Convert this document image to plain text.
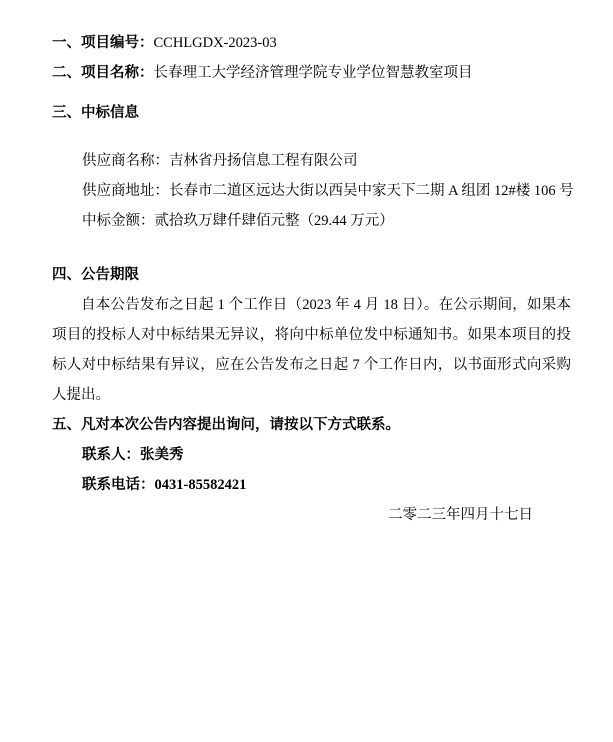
一、项目编号：CCHLGDX-2023-03
二、项目名称：长春理工大学经济管理学院专业学位智慧教室项目
三、中标信息
供应商名称：吉林省丹扬信息工程有限公司
供应商地址：长春市二道区远达大街以西吴中家天下二期 A 组团 12#楼 106 号
中标金额：贰拾玖万肆仟肆佰元整（29.44 万元）
四、公告期限
自本公告发布之日起 1 个工作日（2023 年 4 月 18 日）。在公示期间，如果本项目的投标人对中标结果无异议，将向中标单位发中标通知书。如果本项目的投标人对中标结果有异议，应在公告发布之日起 7 个工作日内，以书面形式向采购人提出。
五、凡对本次公告内容提出询问，请按以下方式联系。
联系人：张美秀
联系电话：0431-85582421
二零二三年四月十七日
